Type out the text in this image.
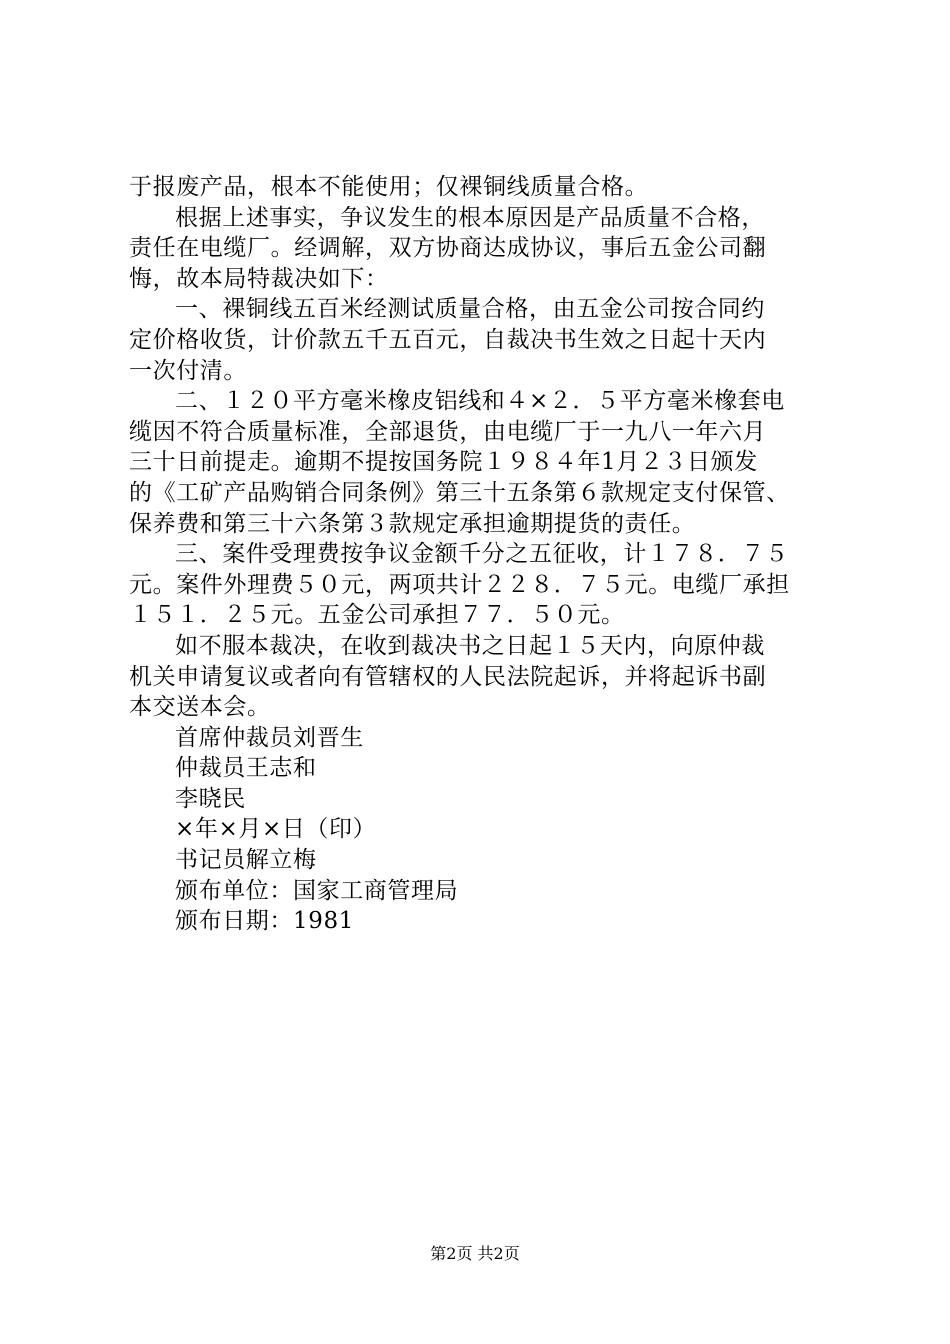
于报废产品，根本不能使用；仅裸铜线质量合格。

根据上述事实，争议发生的根本原因是产品质量不合格，

责任在电缆厂。经调解，双方协商达成协议，事后五金公司翻

悔，故本局特裁决如下：

一、裸铜线五百米经测试质量合格，由五金公司按合同约

定价格收货，计价款五千五百元，自裁决书生效之日起十天内

一次付清。

二、１２０平方毫米橡皮铝线和４×２．５平方毫米橡套电

缆因不符合质量标准，全部退货，由电缆厂于一九八一年六月

三十日前提走。逾期不提按国务院１９８４年1月２３日颁发

的《工矿产品购销合同条例》第三十五条第６款规定支付保管、

保养费和第三十六条第３款规定承担逾期提货的责任。

三、案件受理费按争议金额千分之五征收，计１７８．７５

元。案件外理费５０元，两项共计２２８．７５元。电缆厂承担

１５１．２５元。五金公司承担７７．５０元。

如不服本裁决，在收到裁决书之日起１５天内，向原仲裁

机关申请复议或者向有管辖权的人民法院起诉，并将起诉书副

本交送本会。

首席仲裁员刘晋生

仲裁员王志和

李晓民

×年×月×日（印）

书记员解立梅

颁布单位：国家工商管理局

颁布日期：1981

第2页 共2页
